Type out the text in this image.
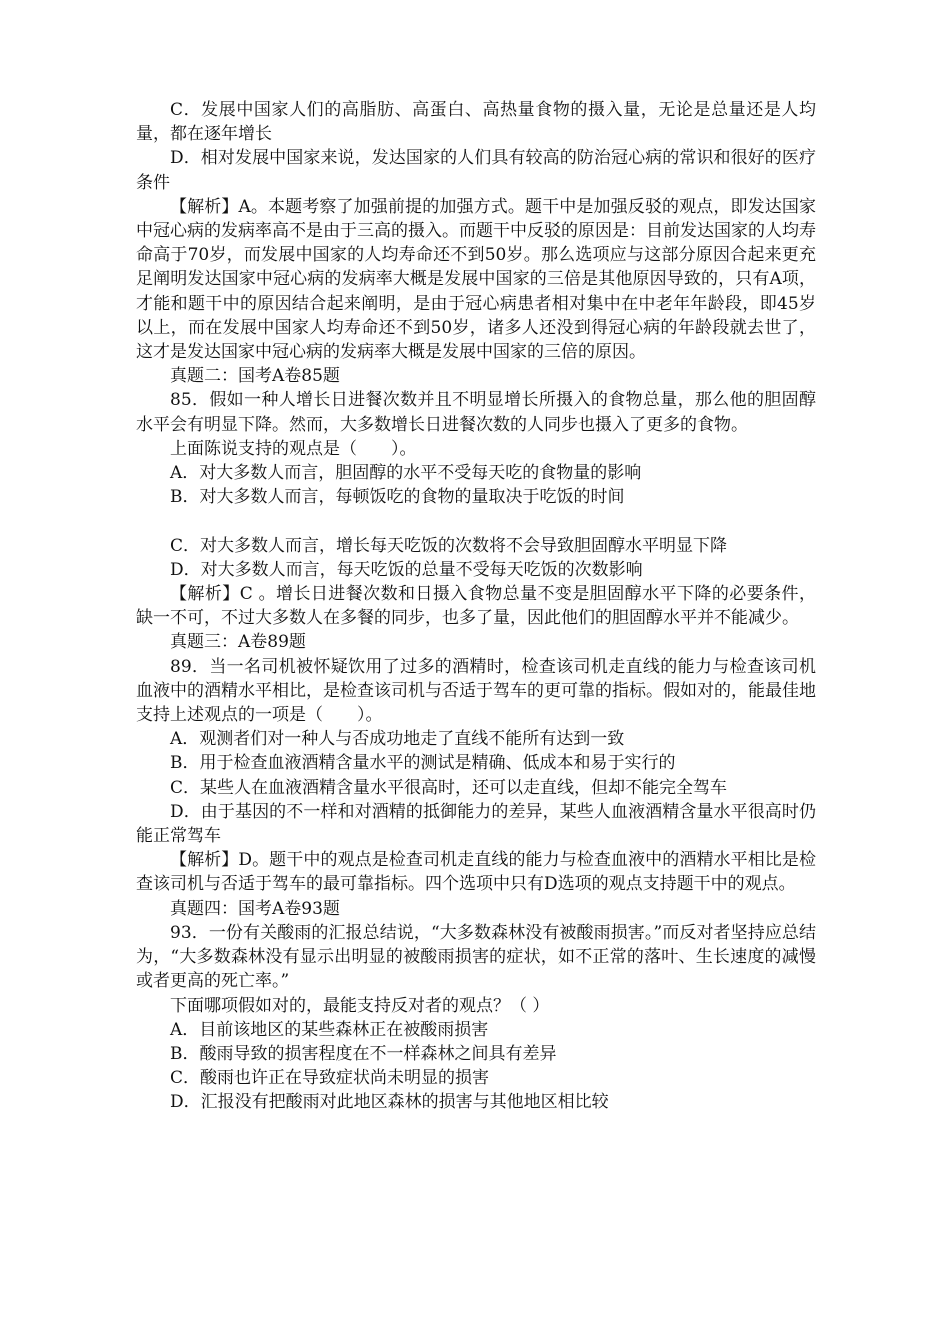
C．发展中国家人们的高脂肪、高蛋白、高热量食物的摄入量，无论是总量还是人均量，都在逐年增长

D．相对发展中国家来说，发达国家的人们具有较高的防治冠心病的常识和很好的医疗条件

【解析】A。本题考察了加强前提的加强方式。题干中是加强反驳的观点，即发达国家中冠心病的发病率高不是由于三高的摄入。而题干中反驳的原因是：目前发达国家的人均寿命高于70岁，而发展中国家的人均寿命还不到50岁。那么选项应与这部分原因合起来更充足阐明发达国家中冠心病的发病率大概是发展中国家的三倍是其他原因导致的，只有A项，才能和题干中的原因结合起来阐明，是由于冠心病患者相对集中在中老年年龄段，即45岁以上，而在发展中国家人均寿命还不到50岁，诸多人还没到得冠心病的年龄段就去世了，这才是发达国家中冠心病的发病率大概是发展中国家的三倍的原因。

真题二：国考A卷85题

85．假如一种人增长日进餐次数并且不明显增长所摄入的食物总量，那么他的胆固醇水平会有明显下降。然而，大多数增长日进餐次数的人同步也摄入了更多的食物。

上面陈说支持的观点是（　　）。

A．对大多数人而言，胆固醇的水平不受每天吃的食物量的影响

B．对大多数人而言，每顿饭吃的食物的量取决于吃饭的时间

C．对大多数人而言，增长每天吃饭的次数将不会导致胆固醇水平明显下降

D．对大多数人而言，每天吃饭的总量不受每天吃饭的次数影响

【解析】C 。增长日进餐次数和日摄入食物总量不变是胆固醇水平下降的必要条件，缺一不可，不过大多数人在多餐的同步，也多了量，因此他们的胆固醇水平并不能减少。

真题三：A卷89题

89．当一名司机被怀疑饮用了过多的酒精时，检查该司机走直线的能力与检查该司机血液中的酒精水平相比，是检查该司机与否适于驾车的更可靠的指标。假如对的，能最佳地支持上述观点的一项是（　　）。

A．观测者们对一种人与否成功地走了直线不能所有达到一致

B．用于检查血液酒精含量水平的测试是精确、低成本和易于实行的

C．某些人在血液酒精含量水平很高时，还可以走直线，但却不能完全驾车

D．由于基因的不一样和对酒精的抵御能力的差异，某些人血液酒精含量水平很高时仍能正常驾车

【解析】D。题干中的观点是检查司机走直线的能力与检查血液中的酒精水平相比是检查该司机与否适于驾车的最可靠指标。四个选项中只有D选项的观点支持题干中的观点。

真题四：国考A卷93题

93．一份有关酸雨的汇报总结说，“大多数森林没有被酸雨损害。”而反对者坚持应总结为，“大多数森林没有显示出明显的被酸雨损害的症状，如不正常的落叶、生长速度的减慢或者更高的死亡率。”

下面哪项假如对的，最能支持反对者的观点？（ ）

A．目前该地区的某些森林正在被酸雨损害

B．酸雨导致的损害程度在不一样森林之间具有差异

C．酸雨也许正在导致症状尚未明显的损害

D．汇报没有把酸雨对此地区森林的损害与其他地区相比较
